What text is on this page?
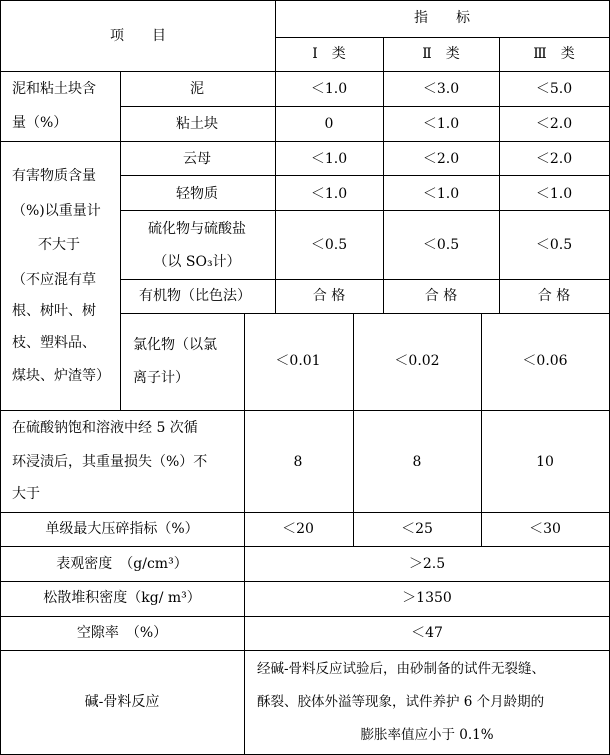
项　　目
指　　标
Ⅰ　类	Ⅱ　类	Ⅲ　类
泥和粘土块含
量（%）
泥	＜1.0	＜3.0	＜5.0
粘土块	0	＜1.0	＜2.0
有害物质含量
（%)以重量计
不大于
（不应混有草
根、树叶、树
枝、塑料品、
煤块、炉渣等）
云母	＜1.0	＜2.0	＜2.0
轻物质	＜1.0	＜1.0	＜1.0
硫化物与硫酸盐
（以 SO₃计）
＜0.5	＜0.5	＜0.5
有机物（比色法）	合 格	合 格	合 格
氯化物（以氯
离子计）
＜0.01	＜0.02	＜0.06
在硫酸钠饱和溶液中经 5 次循
环浸渍后，其重量损失（%）不
大于
8	8	10
单级最大压碎指标（%）	＜20	＜25	＜30
表观密度　（g/cm³）	＞2.5
松散堆积密度（kg/ m³）	＞1350
空隙率　（%）	＜47
碱-骨料反应
经碱-骨料反应试验后，由砂制备的试件无裂缝、
酥裂、胶体外溢等现象，试件养护 6 个月龄期的
膨胀率值应小于 0.1%
